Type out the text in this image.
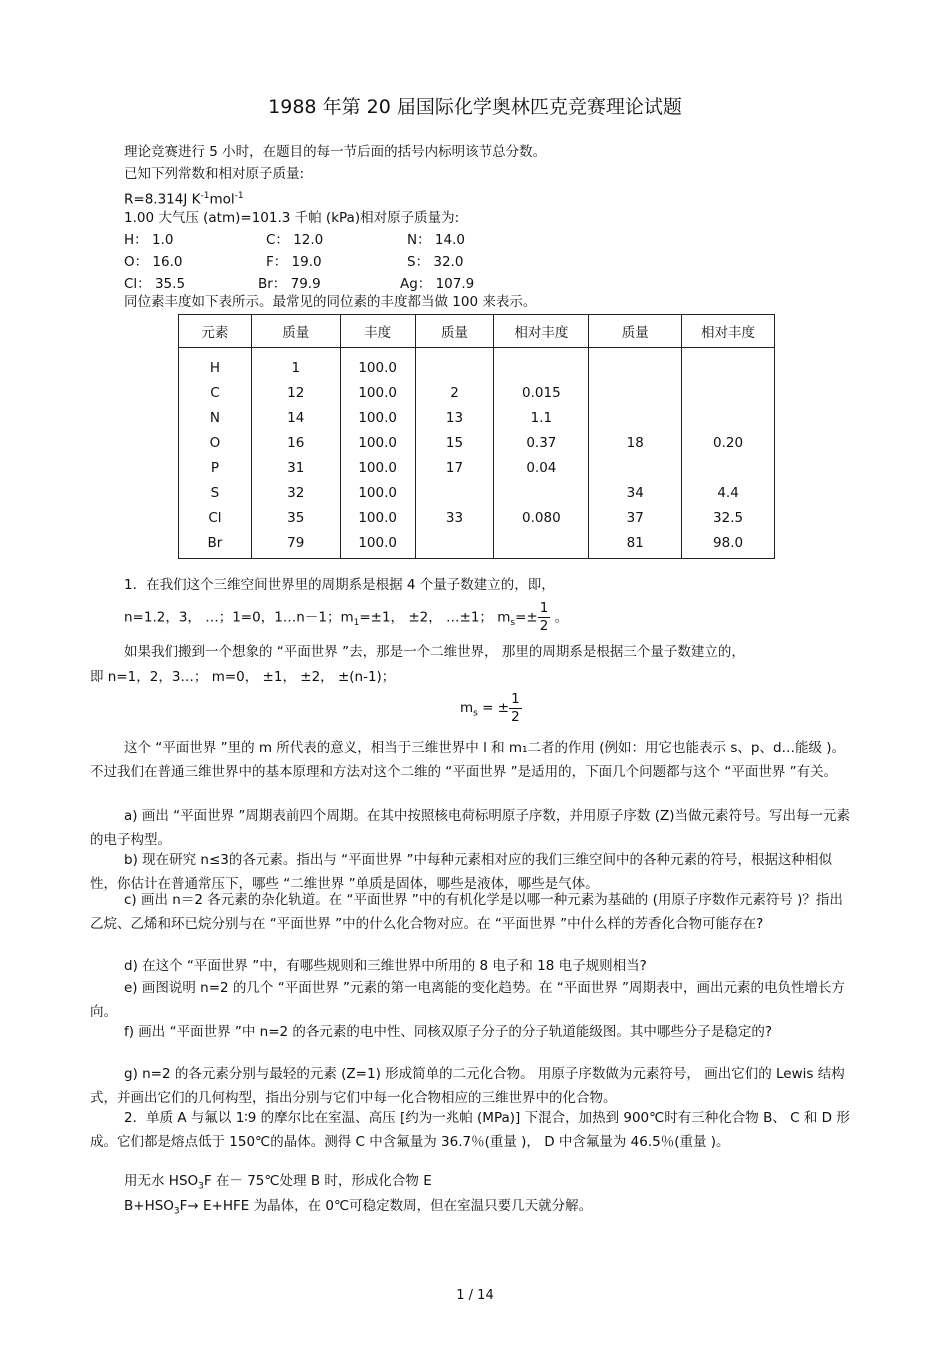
1988 年第 20 届国际化学奥林匹克竞赛理论试题
理论竞赛进行 5 小时，在题目的每一节后面的括号内标明该节总分数。
已知下列常数和相对原子质量:
R=8.314J $K^{-1}mol^{-1}$
1.00 大气压 (atm)=101.3 千帕 (kPa)相对原子质量为:
H： 1.0	C： 12.0	N： 14.0
O： 16.0	F： 19.0	S： 32.0
Cl： 35.5	Br： 79.9	Ag： 107.9
同位素丰度如下表所示。最常见的同位素的丰度都当做 100 来表示。
元素	质量	丰度	质量	相对丰度	质量	相对丰度
H	1	100.0				
C	12	100.0	2	0.015		
N	14	100.0	13	1.1		
O	16	100.0	15	0.37	18	0.20
P	31	100.0	17	0.04		
S	32	100.0			34	4.4
Cl	35	100.0	33	0.080	37	32.5
Br	79	100.0			81	98.0
1．在我们这个三维空间世界里的周期系是根据 4 个量子数建立的，即，
n=1.2，3， …；1=0，1…n－1；$m_1=\pm 1$， ±2， …±1； $m_s=\pm \frac{1}{2}$ 。
如果我们搬到一个想象的 “平面世界 ”去，那是一个二维世界， 那里的周期系是根据三个量子数建立的，
即 n=1，2，3…； m=0， ±1， ±2， ±(n-1)；
$m_s$ = ± $\frac{1}{2}$
这个 “平面世界 ”里的 m 所代表的意义，相当于三维世界中 l 和 m₁二者的作用 (例如：用它也能表示 s、p、d…能级 )。不过我们在普通三维世界中的基本原理和方法对这个二维的 “平面世界 ”是适用的，下面几个问题都与这个 “平面世界 ”有关。
a) 画出 “平面世界 ”周期表前四个周期。在其中按照核电荷标明原子序数，并用原子序数 (Z)当做元素符号。写出每一元素的电子构型。
b) 现在研究 n≤3的各元素。指出与 “平面世界 ”中每种元素相对应的我们三维空间中的各种元素的符号，根据这种相似性，你估计在普通常压下，哪些 “二维世界 ”单质是固体，哪些是液体，哪些是气体。
c) 画出 n＝2 各元素的杂化轨道。在 “平面世界 ”中的有机化学是以哪一种元素为基础的 (用原子序数作元素符号 )？指出乙烷、乙烯和环已烷分别与在 “平面世界 ”中的什么化合物对应。在 “平面世界 ”中什么样的芳香化合物可能存在?
d) 在这个 “平面世界 ”中，有哪些规则和三维世界中所用的 8 电子和 18 电子规则相当?
e) 画图说明 n=2 的几个 “平面世界 ”元素的第一电离能的变化趋势。在 “平面世界 ”周期表中，画出元素的电负性增长方向。
f) 画出 “平面世界 ”中 n=2 的各元素的电中性、同核双原子分子的分子轨道能级图。其中哪些分子是稳定的?
g) n=2 的各元素分别与最轻的元素 (Z=1) 形成简单的二元化合物。 用原子序数做为元素符号， 画出它们的 Lewis 结构式，并画出它们的几何构型，指出分别与它们中每一化合物相应的三维世界中的化合物。
2．单质 A 与氟以 1∶9 的摩尔比在室温、高压 [约为一兆帕 (MPa)] 下混合，加热到 900℃时有三种化合物 B、 C 和 D 形成。它们都是熔点低于 150℃的晶体。测得 C 中含氟量为 36.7％(重量 )， D 中含氟量为 46.5％(重量 )。
用无水 $HSO_3F$ 在－ 75℃处理 B 时，形成化合物 E
$B+HSO_3F\to E+HFE$ 为晶体，在 0℃可稳定数周，但在室温只要几天就分解。
1 / 14
